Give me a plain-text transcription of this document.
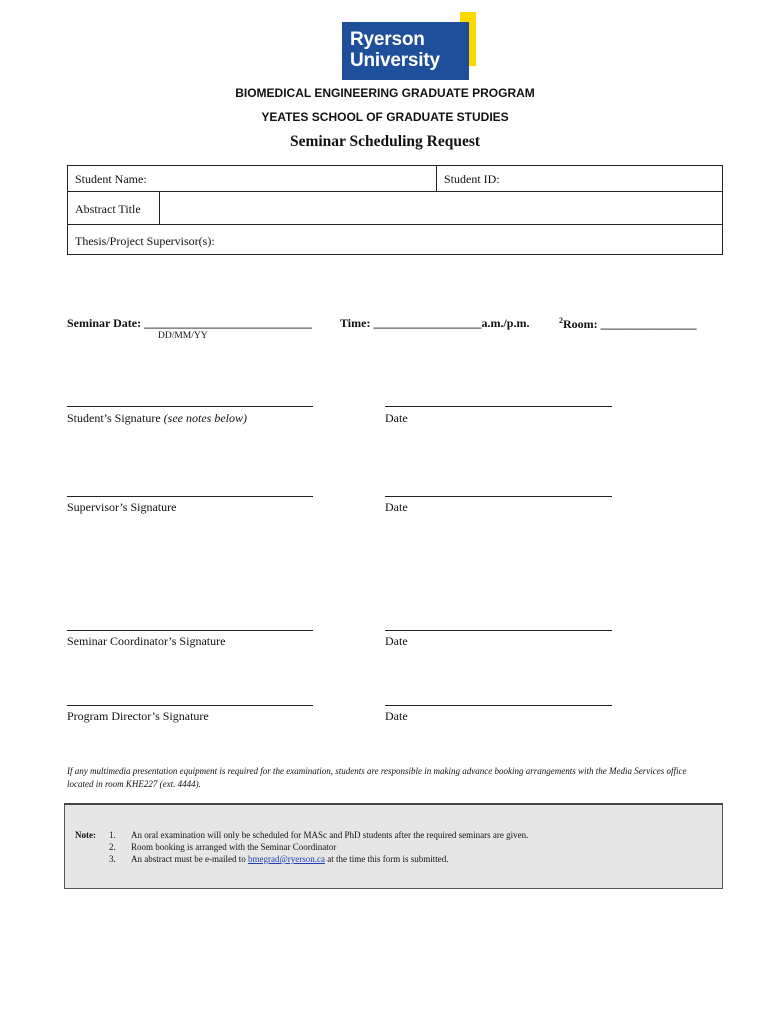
Ryerson
University
BIOMEDICAL ENGINEERING GRADUATE PROGRAM
YEATES SCHOOL OF GRADUATE STUDIES
Seminar Scheduling Request
Student Name:	Student ID:
Abstract Title
Thesis/Project Supervisor(s):
Seminar Date: ____________________________
DD/MM/YY
Time: __________________a.m./p.m.	$^2$Room: ________________
Student’s Signature (see notes below)	Date
Supervisor’s Signature	Date
Seminar Coordinator’s Signature	Date
Program Director’s Signature	Date
If any multimedia presentation equipment is required for the examination, students are responsible in making advance booking arrangements with the Media Services office located in room KHE227 (ext. 4444).
Note: 1. An oral examination will only be scheduled for MASc and PhD students after the required seminars are given.
2. Room booking is arranged with the Seminar Coordinator
3. An abstract must be e-mailed to bmegrad@ryerson.ca at the time this form is submitted.
